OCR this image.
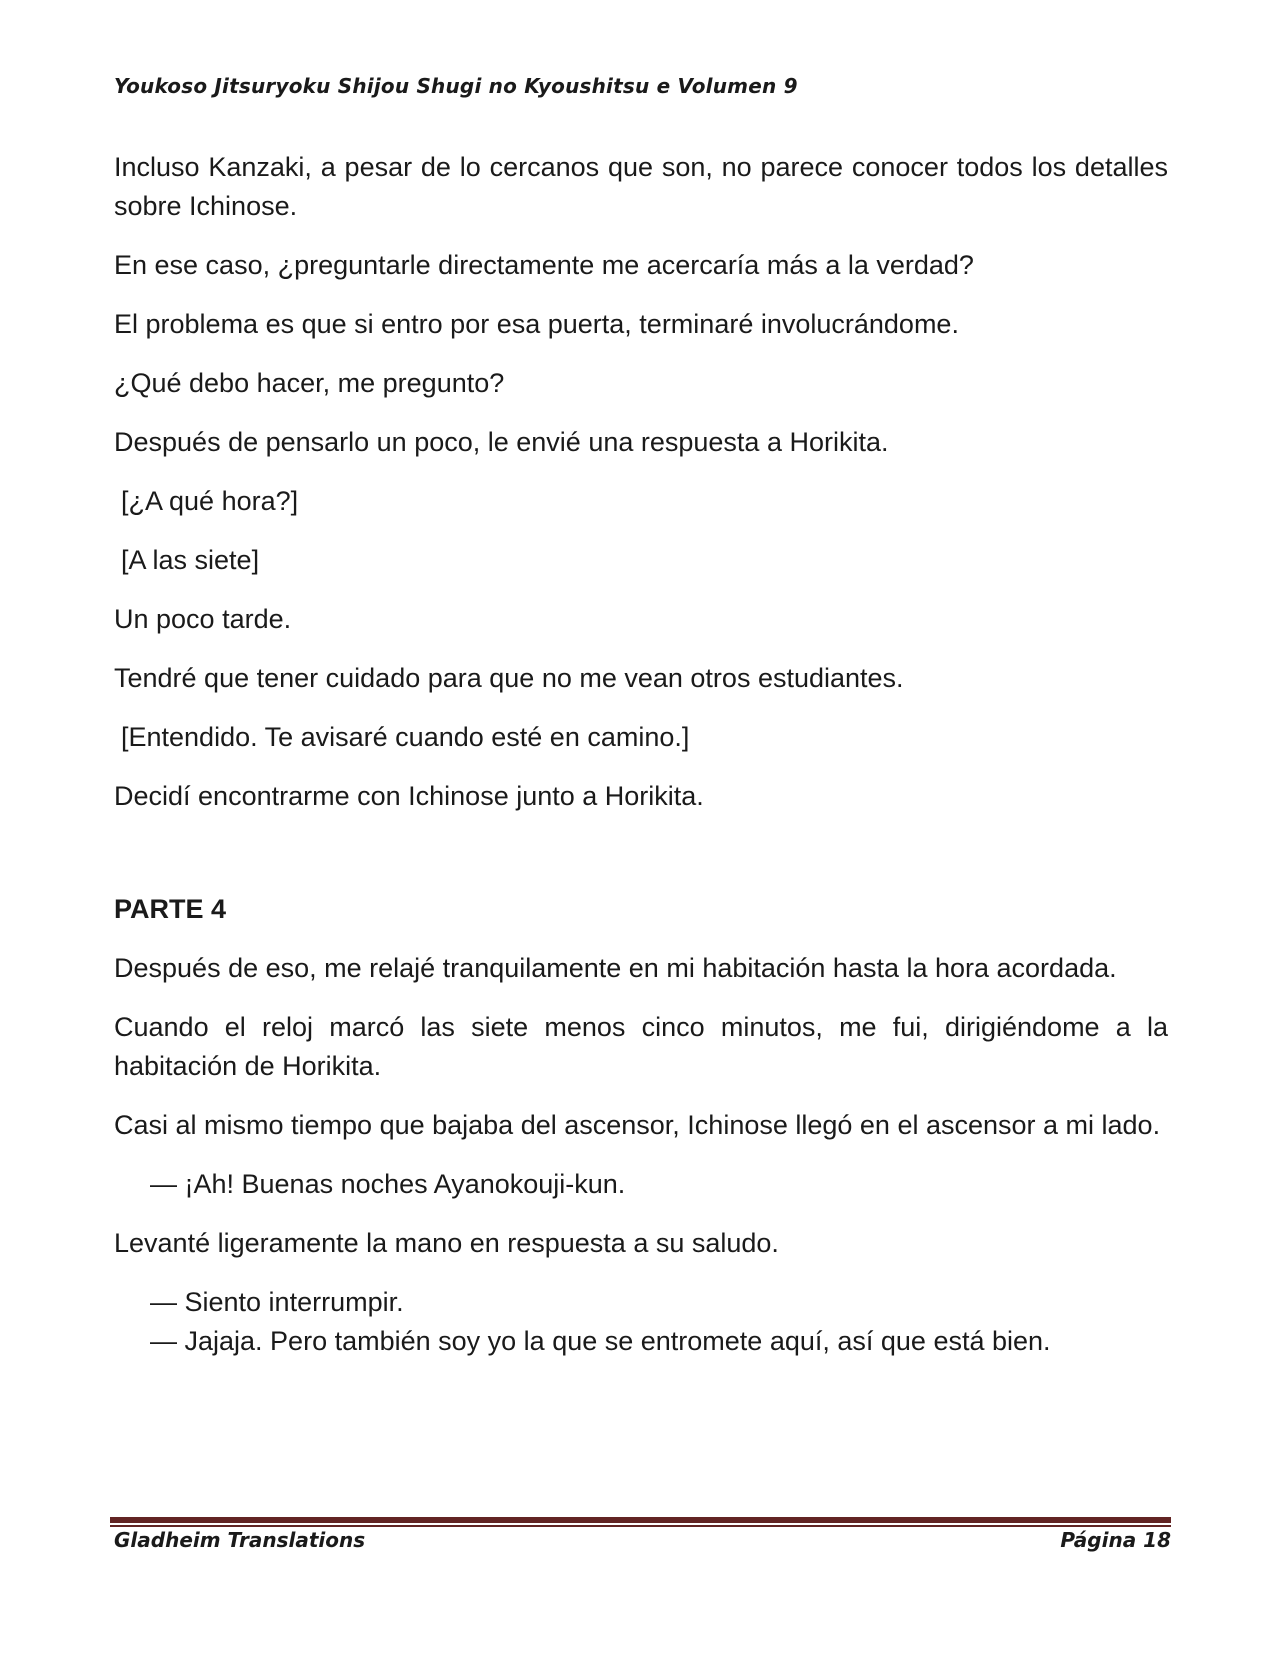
Youkoso Jitsuryoku Shijou Shugi no Kyoushitsu e Volumen 9

Incluso Kanzaki, a pesar de lo cercanos que son, no parece conocer todos los detalles sobre Ichinose.

En ese caso, ¿preguntarle directamente me acercaría más a la verdad?

El problema es que si entro por esa puerta, terminaré involucrándome.

¿Qué debo hacer, me pregunto?

Después de pensarlo un poco, le envié una respuesta a Horikita.

[¿A qué hora?]

[A las siete]

Un poco tarde.

Tendré que tener cuidado para que no me vean otros estudiantes.

[Entendido. Te avisaré cuando esté en camino.]

Decidí encontrarme con Ichinose junto a Horikita.

PARTE 4

Después de eso, me relajé tranquilamente en mi habitación hasta la hora acordada.

Cuando el reloj marcó las siete menos cinco minutos, me fui, dirigiéndome a la habitación de Horikita.

Casi al mismo tiempo que bajaba del ascensor, Ichinose llegó en el ascensor a mi lado.

— ¡Ah! Buenas noches Ayanokouji-kun.

Levanté ligeramente la mano en respuesta a su saludo.

— Siento interrumpir.

— Jajaja. Pero también soy yo la que se entromete aquí, así que está bien.

Gladheim Translations	Página 18
